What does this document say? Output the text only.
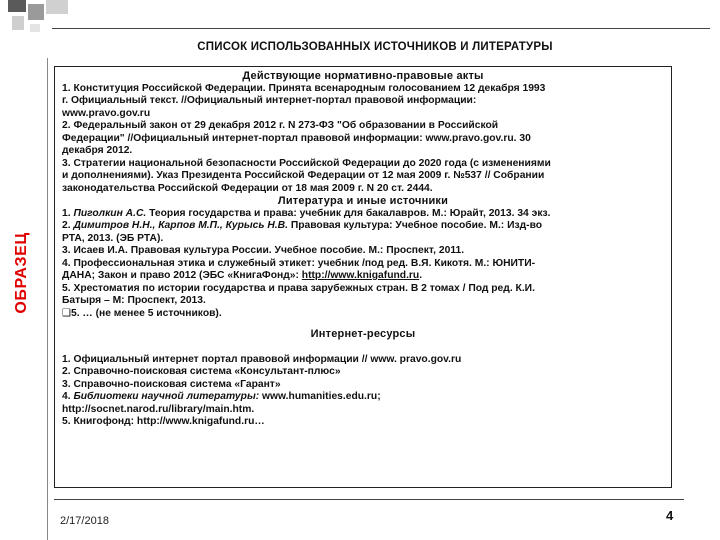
СПИСОК ИСПОЛЬЗОВАННЫХ ИСТОЧНИКОВ И ЛИТЕРАТУРЫ
ОБРАЗЕЦ
Действующие нормативно-правовые акты

1. Конституция Российской Федерации. Принята всенародным голосованием 12 декабря 1993

г. Официальный текст. //Официальный интернет-портал правовой информации:

www.pravo.gov.ru

2. Федеральный закон от 29 декабря 2012 г. N 273-ФЗ "Об образовании в Российской

Федерации" //Официальный интернет-портал правовой информации: www.pravo.gov.ru. 30

декабря 2012.

3. Стратегии национальной безопасности Российской Федерации до 2020 года (с изменениями

и дополнениями). Указ Президента Российской Федерации от 12 мая 2009 г. №537 // Собрании

законодательства Российской Федерации от 18 мая 2009 г. N 20 ст. 2444.

Литература и иные источники

1. Пиголкин А.С. Теория государства и права: учебник для бакалавров. М.: Юрайт, 2013. 34 экз.

2. Димитров Н.Н., Карпов М.П., Курысь Н.В. Правовая культура: Учебное пособие. М.: Изд-во

РТА, 2013. (ЭБ РТА).

3. Исаев И.А. Правовая культура России. Учебное пособие. М.: Проспект, 2011.

4. Профессиональная этика и служебный этикет: учебник /под ред. В.Я. Кикотя. М.: ЮНИТИ-

ДАНА; Закон и право 2012 (ЭБС «КнигаФонд»: http://www.knigafund.ru.

5. Хрестоматия по истории государства и права зарубежных стран. В 2 томах / Под ред. К.И.

Батыря – М: Проспект, 2013.

❑5. … (не менее 5 источников).

Интернет-ресурсы

1. Официальный интернет портал правовой информации // www. pravo.gov.ru

2. Справочно-поисковая система «Консультант-плюс»

3. Справочно-поисковая система «Гарант»

4. Библиотеки научной литературы: www.humanities.edu.ru;

http://socnet.narod.ru/library/main.htm.

5. Книгофонд: http://www.knigafund.ru…

2/17/2018	4
